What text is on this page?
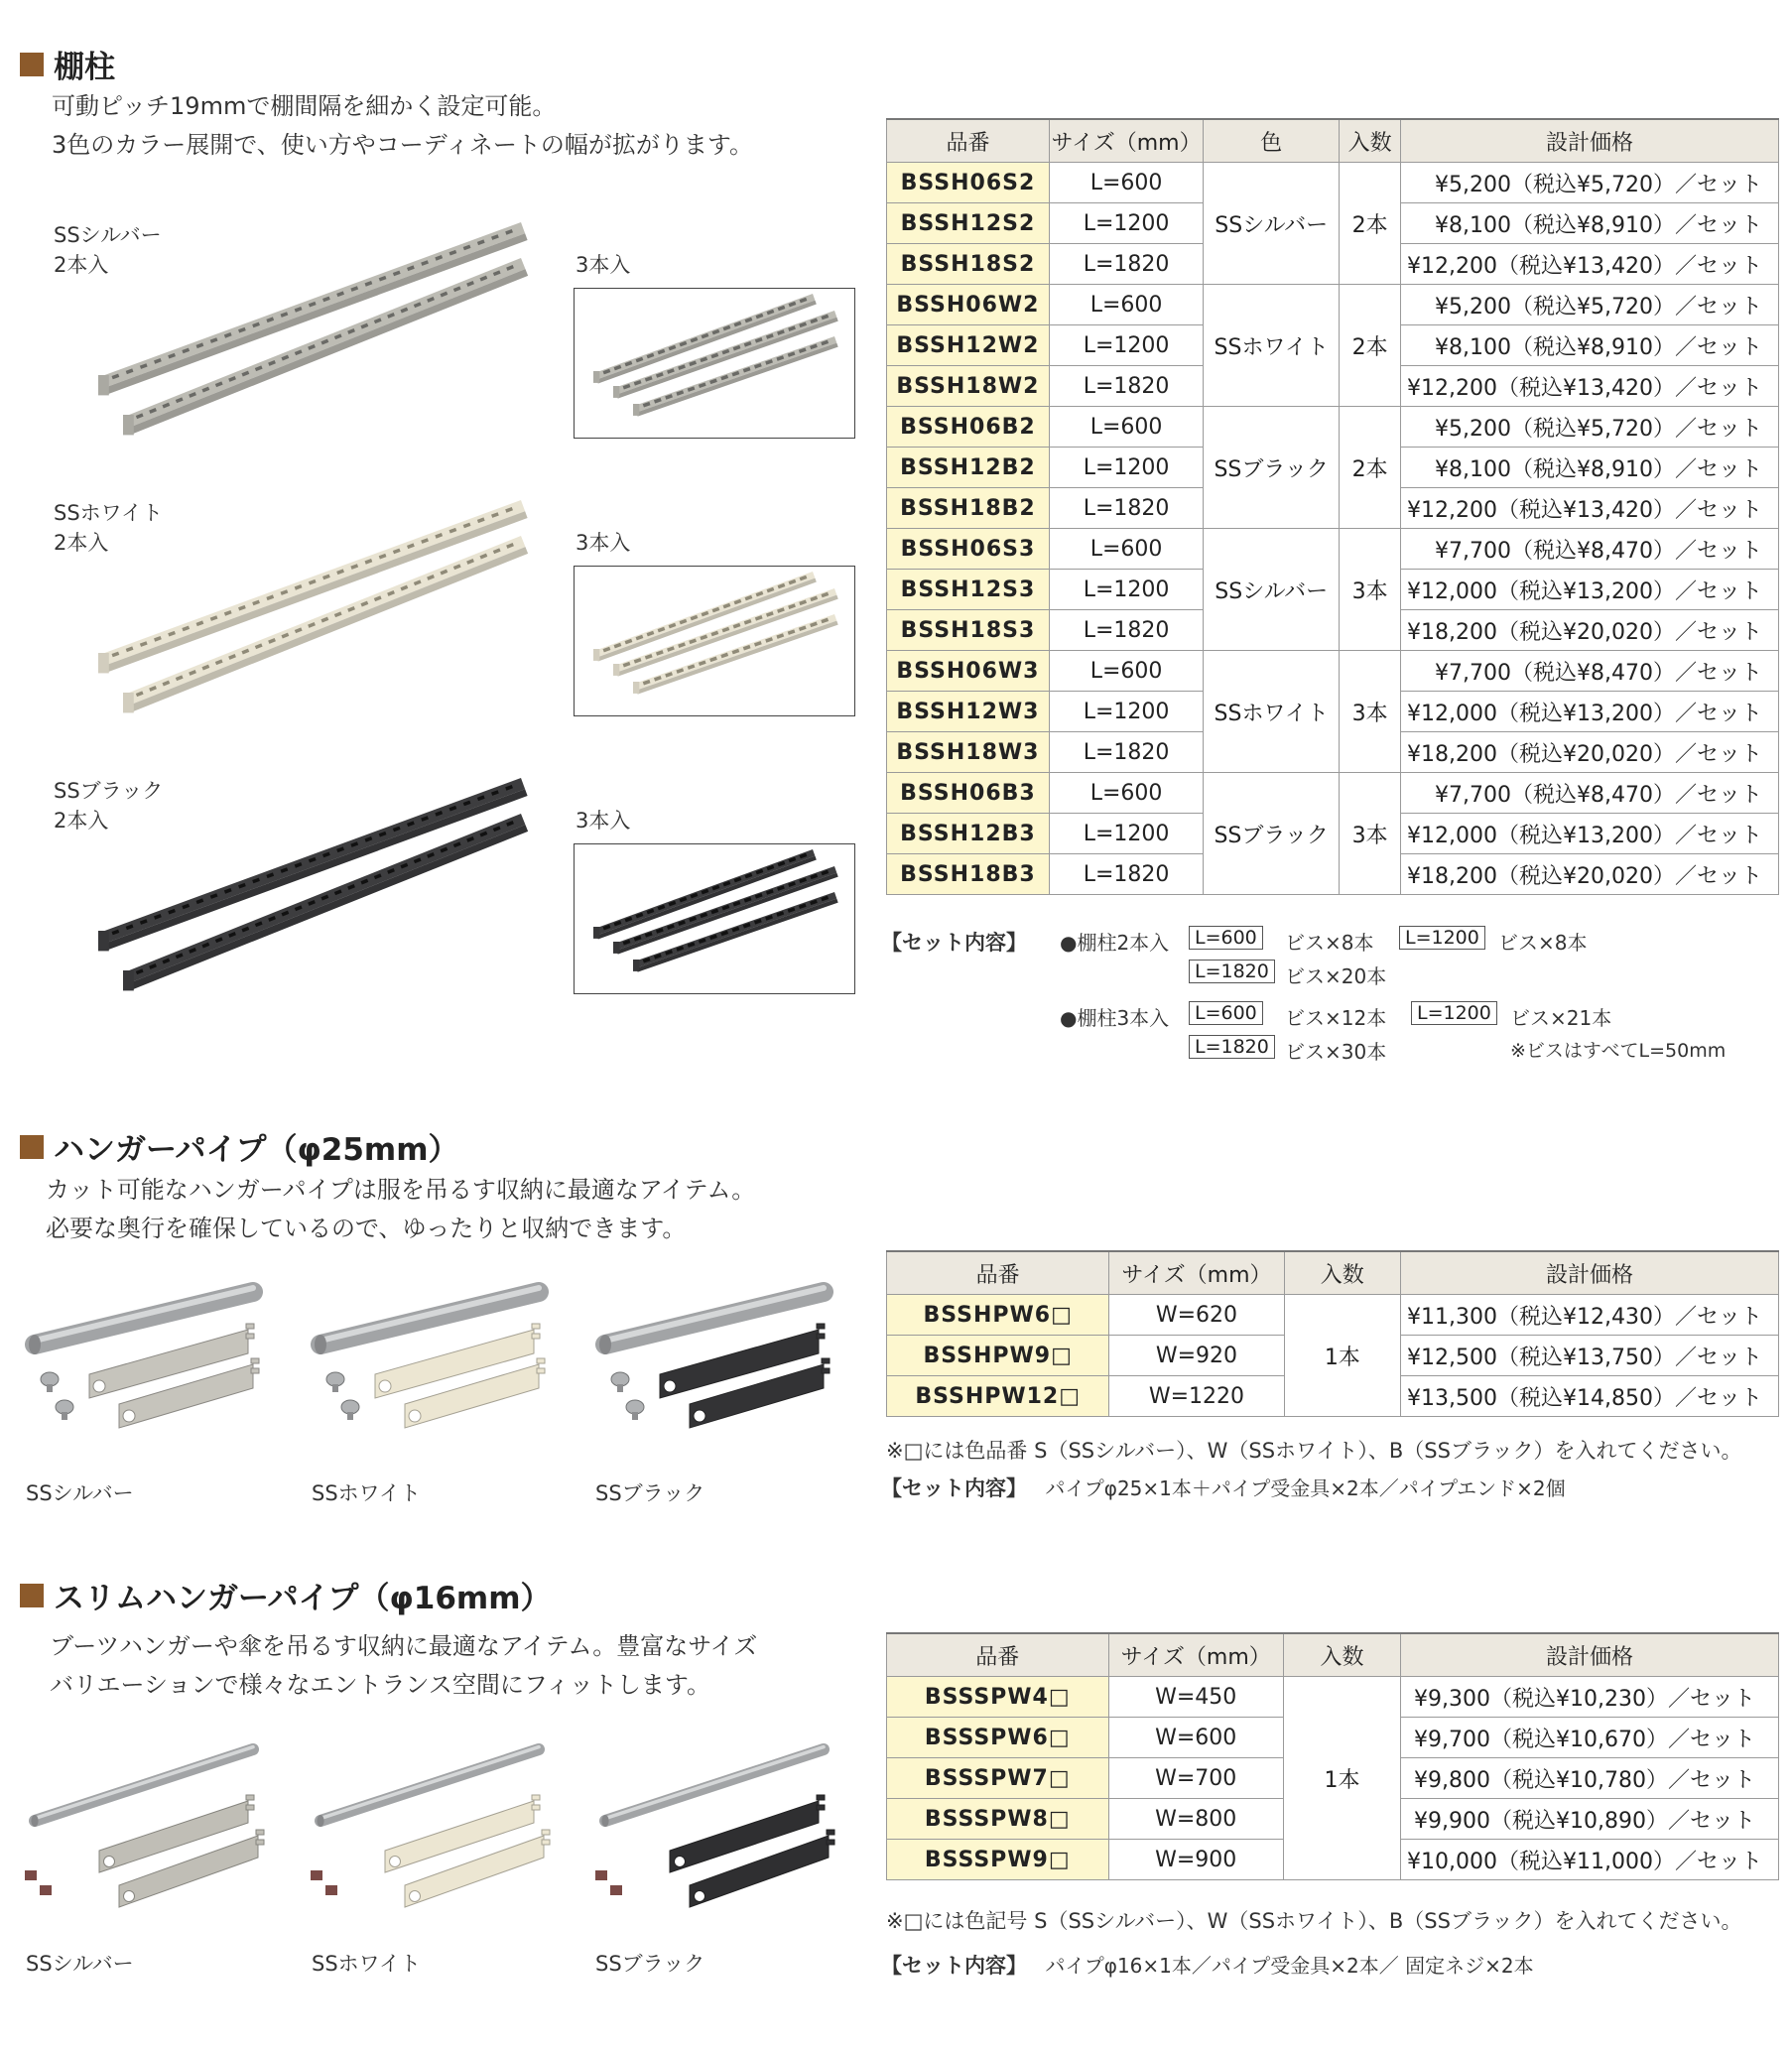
棚柱
可動ピッチ19mmで棚間隔を細かく設定可能。
3色のカラー展開で、使い方やコーディネートの幅が拡がります。
SSシルバー
2本入	3本入
SSホワイト
2本入	3本入
SSブラック
2本入	3本入
品番	サイズ（mm）	色	入数	設計価格
BSSH06S2	L=600	SSシルバー	2本	¥5,200（税込¥5,720）／セット
BSSH12S2	L=1200			¥8,100（税込¥8,910）／セット
BSSH18S2	L=1820			¥12,200（税込¥13,420）／セット
BSSH06W2	L=600	SSホワイト	2本	¥5,200（税込¥5,720）／セット
BSSH12W2	L=1200			¥8,100（税込¥8,910）／セット
BSSH18W2	L=1820			¥12,200（税込¥13,420）／セット
BSSH06B2	L=600	SSブラック	2本	¥5,200（税込¥5,720）／セット
BSSH12B2	L=1200			¥8,100（税込¥8,910）／セット
BSSH18B2	L=1820			¥12,200（税込¥13,420）／セット
BSSH06S3	L=600	SSシルバー	3本	¥7,700（税込¥8,470）／セット
BSSH12S3	L=1200			¥12,000（税込¥13,200）／セット
BSSH18S3	L=1820			¥18,200（税込¥20,020）／セット
BSSH06W3	L=600	SSホワイト	3本	¥7,700（税込¥8,470）／セット
BSSH12W3	L=1200			¥12,000（税込¥13,200）／セット
BSSH18W3	L=1820			¥18,200（税込¥20,020）／セット
BSSH06B3	L=600	SSブラック	3本	¥7,700（税込¥8,470）／セット
BSSH12B3	L=1200			¥12,000（税込¥13,200）／セット
BSSH18B3	L=1820			¥18,200（税込¥20,020）／セット
【セット内容】 ●棚柱2本入	L=600	ビス×8本	L=1200 ビス×8本
L=1820 ビス×20本
●棚柱3本入	L=600	ビス×12本	L=1200 ビス×21本
L=1820 ビス×30本	※ビスはすべてL=50mm
ハンガーパイプ（φ25mm）
カット可能なハンガーパイプは服を吊るす収納に最適なアイテム。
必要な奥行を確保しているので、ゆったりと収納できます。
SSシルバー	SSホワイト	SSブラック
品番	サイズ（mm）	入数	設計価格
BSSHPW6□	W=620	1本	¥11,300（税込¥12,430）／セット
BSSHPW9□	W=920		¥12,500（税込¥13,750）／セット
BSSHPW12□	W=1220		¥13,500（税込¥14,850）／セット
※□には色品番 S（SSシルバー）、W（SSホワイト）、B（SSブラック）を入れてください。
【セット内容】 パイプφ25×1本＋パイプ受金具×2本／パイプエンド×2個
スリムハンガーパイプ（φ16mm）
ブーツハンガーや傘を吊るす収納に最適なアイテム。豊富なサイズ
バリエーションで様々なエントランス空間にフィットします。
SSシルバー	SSホワイト	SSブラック
品番	サイズ（mm）	入数	設計価格
BSSSPW4□	W=450	1本	¥9,300（税込¥10,230）／セット
BSSSPW6□	W=600		¥9,700（税込¥10,670）／セット
BSSSPW7□	W=700		¥9,800（税込¥10,780）／セット
BSSSPW8□	W=800		¥9,900（税込¥10,890）／セット
BSSSPW9□	W=900		¥10,000（税込¥11,000）／セット
※□には色記号 S（SSシルバー）、W（SSホワイト）、B（SSブラック）を入れてください。
【セット内容】 パイプφ16×1本／パイプ受金具×2本／ 固定ネジ×2本
